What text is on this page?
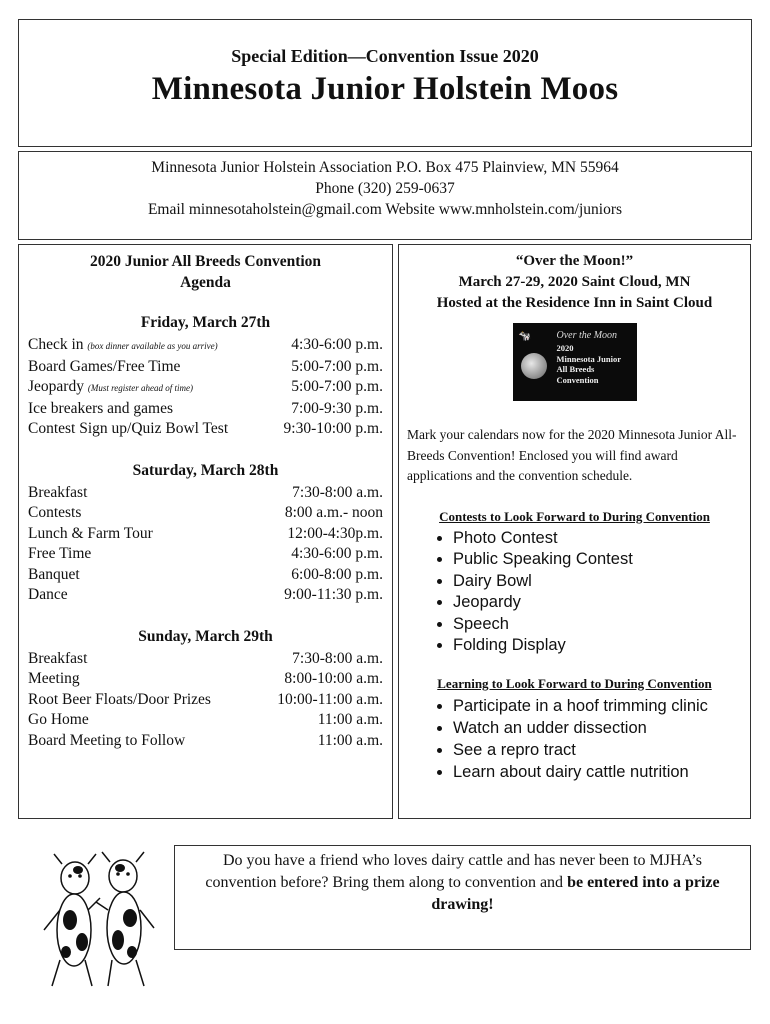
Special Edition—Convention Issue 2020
Minnesota Junior Holstein Moos
Minnesota Junior Holstein Association P.O. Box 475 Plainview, MN 55964
Phone (320) 259-0637
Email minnesotaholstein@gmail.com Website www.mnholstein.com/juniors
2020 Junior All Breeds Convention
Agenda
Friday, March 27th
Check in (box dinner available as you arrive)	4:30-6:00 p.m.
Board Games/Free Time	5:00-7:00 p.m.
Jeopardy (Must register ahead of time)	5:00-7:00 p.m.
Ice breakers and games	7:00-9:30 p.m.
Contest Sign up/Quiz Bowl Test	9:30-10:00 p.m.
Saturday, March 28th
Breakfast	7:30-8:00 a.m.
Contests	8:00 a.m.- noon
Lunch & Farm Tour	12:00-4:30p.m.
Free Time	4:30-6:00 p.m.
Banquet	6:00-8:00 p.m.
Dance	9:00-11:30 p.m.
Sunday, March 29th
Breakfast	7:30-8:00 a.m.
Meeting	8:00-10:00 a.m.
Root Beer Floats/Door Prizes	10:00-11:00 a.m.
Go Home	11:00 a.m.
Board Meeting to Follow	11:00 a.m.
“Over the Moon!”
March 27-29, 2020 Saint Cloud, MN
Hosted at the Residence Inn in Saint Cloud
🐄	Over the Moon
2020
Minnesota Junior
All Breeds Convention
Mark your calendars now for the 2020 Minnesota Junior All-Breeds Convention! Enclosed you will find award applications and the convention schedule.
Contests to Look Forward to During Convention
• Photo Contest
• Public Speaking Contest
• Dairy Bowl
• Jeopardy
• Speech
• Folding Display
Learning to Look Forward to During Convention
• Participate in a hoof trimming clinic
• Watch an udder dissection
• See a repro tract
• Learn about dairy cattle nutrition
Do you have a friend who loves dairy cattle and has never been to MJHA’s convention before? Bring them along to convention and be entered into a prize drawing!
